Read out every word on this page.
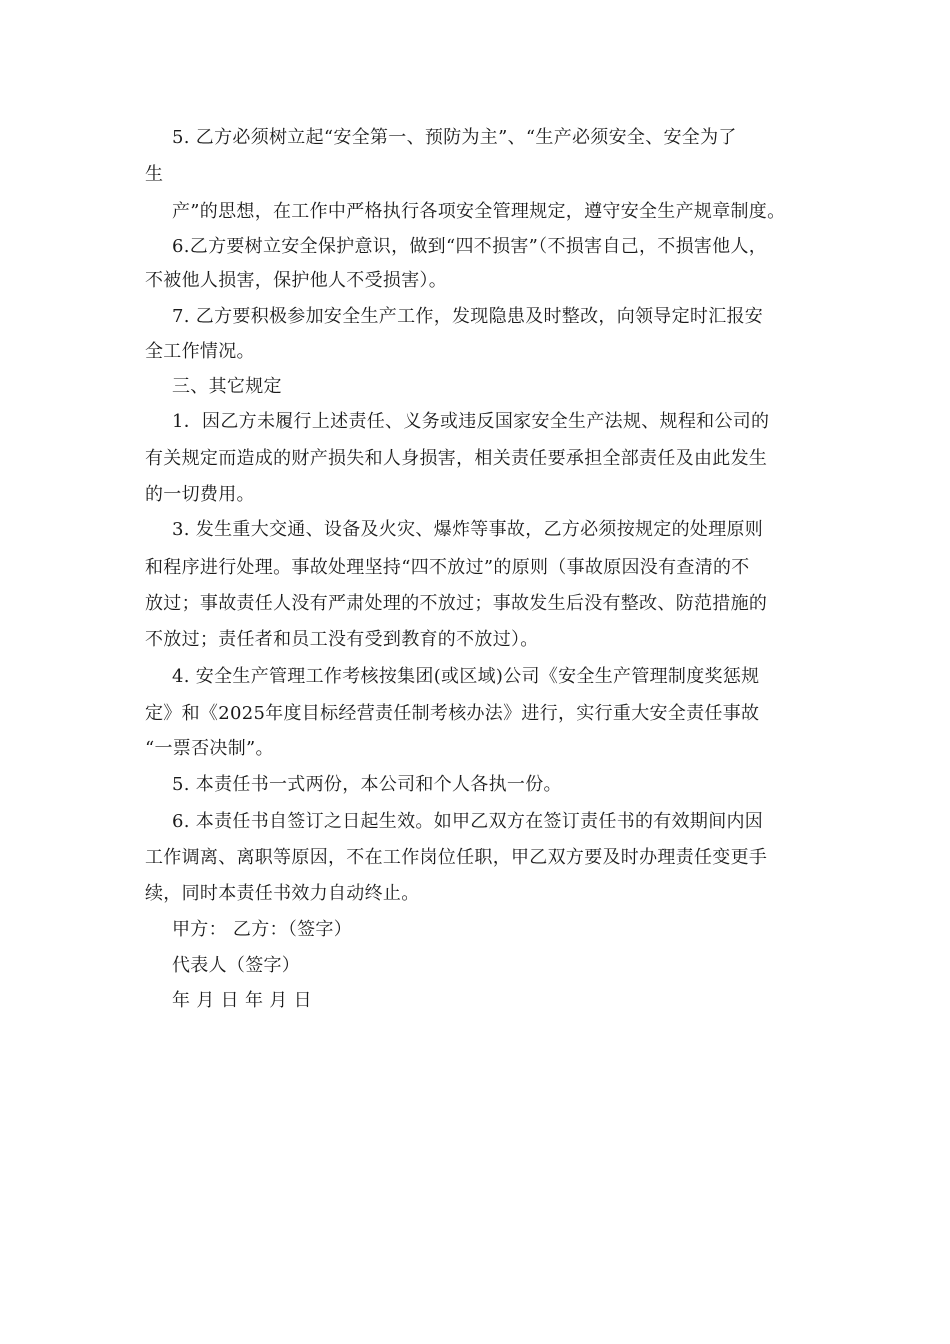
5. 乙方必须树立起“安全第一、预防为主”、“生产必须安全、安全为了
生
产”的思想，在工作中严格执行各项安全管理规定，遵守安全生产规章制度。
6.乙方要树立安全保护意识，做到“四不损害”（不损害自己，不损害他人，
不被他人损害，保护他人不受损害）。
7. 乙方要积极参加安全生产工作，发现隐患及时整改，向领导定时汇报安
全工作情况。
三、其它规定
1．因乙方未履行上述责任、义务或违反国家安全生产法规、规程和公司的
有关规定而造成的财产损失和人身损害，相关责任要承担全部责任及由此发生
的一切费用。
3. 发生重大交通、设备及火灾、爆炸等事故，乙方必须按规定的处理原则
和程序进行处理。事故处理坚持“四不放过”的原则（事故原因没有查清的不
放过；事故责任人没有严肃处理的不放过；事故发生后没有整改、防范措施的
不放过；责任者和员工没有受到教育的不放过）。
4. 安全生产管理工作考核按集团(或区域)公司《安全生产管理制度奖惩规
定》和《2025年度目标经营责任制考核办法》进行，实行重大安全责任事故
“一票否决制”。
5. 本责任书一式两份，本公司和个人各执一份。
6. 本责任书自签订之日起生效。如甲乙双方在签订责任书的有效期间内因
工作调离、离职等原因，不在工作岗位任职，甲乙双方要及时办理责任变更手
续，同时本责任书效力自动终止。
甲方： 乙方：（签字）
代表人（签字）
年 月 日 年 月 日
